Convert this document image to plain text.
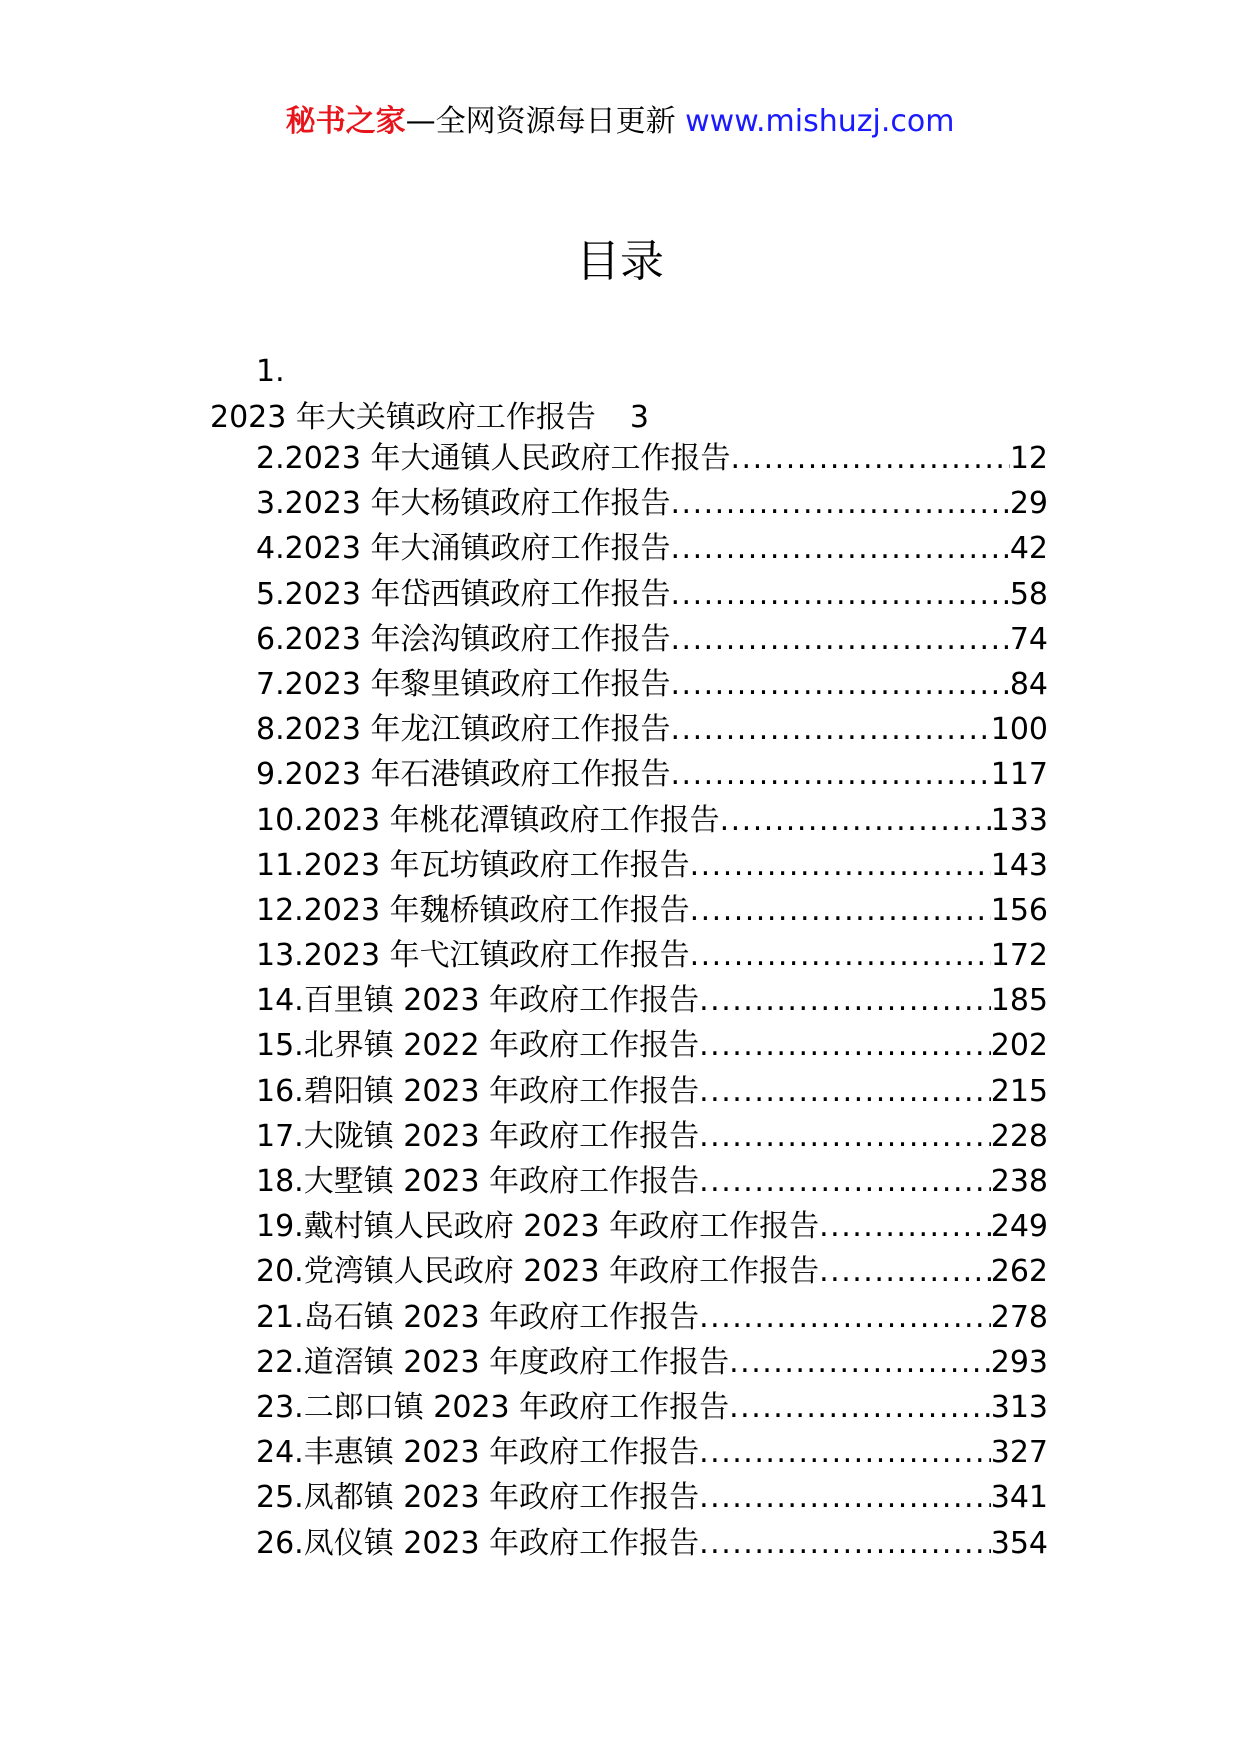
秘书之家—全网资源每日更新 www.mishuzj.com
目录
1.
2023 年大关镇政府工作报告 3
2.2023 年大通镇人民政府工作报告 .....	12
3.2023 年大杨镇政府工作报告 .....	29
4.2023 年大涌镇政府工作报告 .....	42
5.2023 年岱西镇政府工作报告 .....	58
6.2023 年浍沟镇政府工作报告 .....	74
7.2023 年黎里镇政府工作报告 .....	84
8.2023 年龙江镇政府工作报告 .....	100
9.2023 年石港镇政府工作报告 .....	117
10.2023 年桃花潭镇政府工作报告 .....	133
11.2023 年瓦坊镇政府工作报告 .....	143
12.2023 年魏桥镇政府工作报告 .....	156
13.2023 年弋江镇政府工作报告 .....	172
14.百里镇 2023 年政府工作报告 .....	185
15.北界镇 2022 年政府工作报告 .....	202
16.碧阳镇 2023 年政府工作报告 .....	215
17.大陇镇 2023 年政府工作报告 .....	228
18.大墅镇 2023 年政府工作报告 .....	238
19.戴村镇人民政府 2023 年政府工作报告 .....	249
20.党湾镇人民政府 2023 年政府工作报告 .....	262
21.岛石镇 2023 年政府工作报告 .....	278
22.道滘镇 2023 年度政府工作报告 .....	293
23.二郎口镇 2023 年政府工作报告 .....	313
24.丰惠镇 2023 年政府工作报告 .....	327
25.凤都镇 2023 年政府工作报告 .....	341
26.凤仪镇 2023 年政府工作报告 .....	354
